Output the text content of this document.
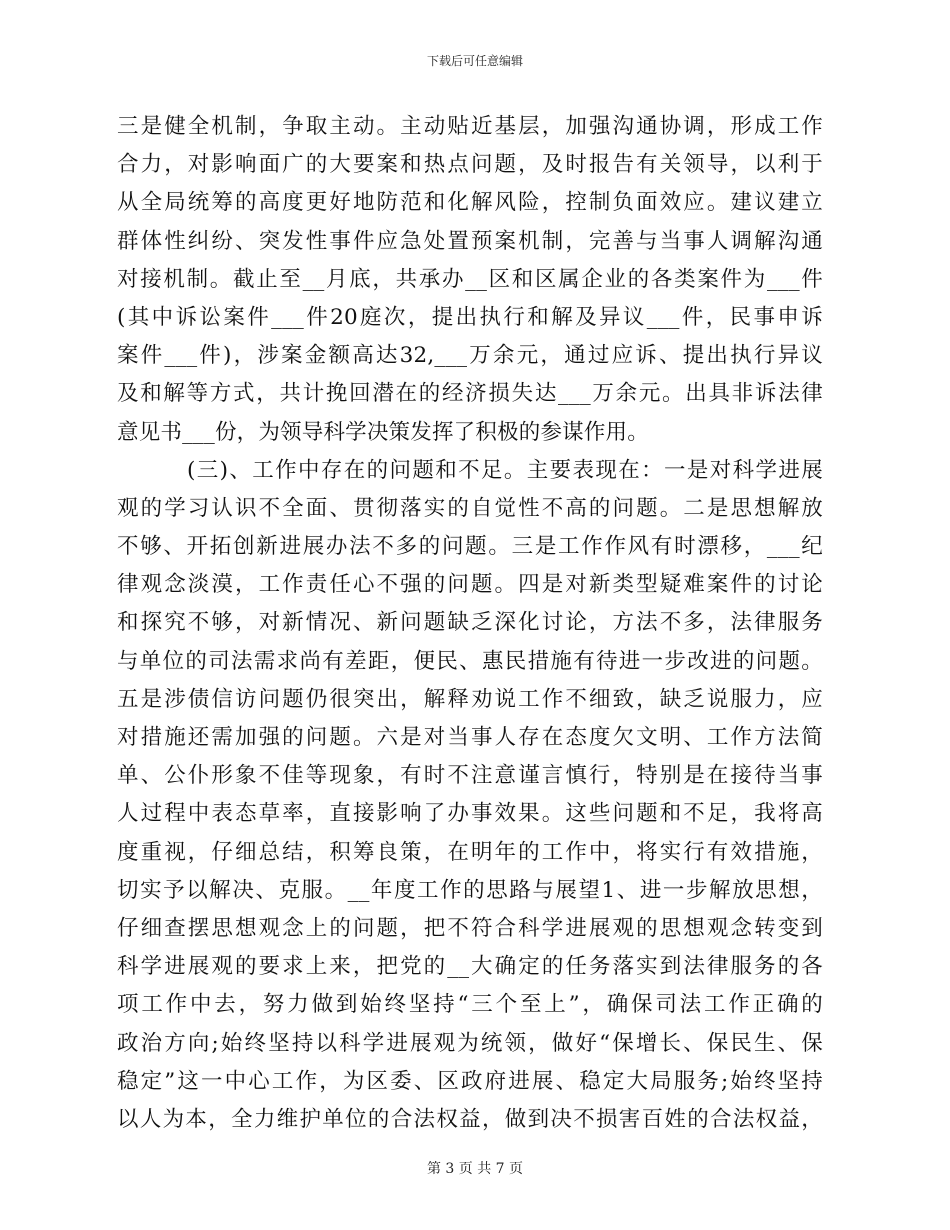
下载后可任意编辑
三是健全机制，争取主动。主动贴近基层，加强沟通协调，形成工作
合力，对影响面广的大要案和热点问题，及时报告有关领导，以利于
从全局统筹的高度更好地防范和化解风险，控制负面效应。建议建立
群体性纠纷、突发性事件应急处置预案机制，完善与当事人调解沟通
对接机制。截止至__月底，共承办__区和区属企业的各类案件为___件
(其中诉讼案件___件20庭次，提出执行和解及异议___件，民事申诉
案件___件)，涉案金额高达32,___万余元，通过应诉、提出执行异议
及和解等方式，共计挽回潜在的经济损失达___万余元。出具非诉法律
意见书___份，为领导科学决策发挥了积极的参谋作用。
(三)、工作中存在的问题和不足。主要表现在：一是对科学进展
观的学习认识不全面、贯彻落实的自觉性不高的问题。二是思想解放
不够、开拓创新进展办法不多的问题。三是工作作风有时漂移，___纪
律观念淡漠，工作责任心不强的问题。四是对新类型疑难案件的讨论
和探究不够，对新情况、新问题缺乏深化讨论，方法不多，法律服务
与单位的司法需求尚有差距，便民、惠民措施有待进一步改进的问题。
五是涉债信访问题仍很突出，解释劝说工作不细致，缺乏说服力，应
对措施还需加强的问题。六是对当事人存在态度欠文明、工作方法简
单、公仆形象不佳等现象，有时不注意谨言慎行，特别是在接待当事
人过程中表态草率，直接影响了办事效果。这些问题和不足，我将高
度重视，仔细总结，积筹良策，在明年的工作中，将实行有效措施，
切实予以解决、克服。__年度工作的思路与展望1、进一步解放思想，
仔细查摆思想观念上的问题，把不符合科学进展观的思想观念转变到
科学进展观的要求上来，把党的__大确定的任务落实到法律服务的各
项工作中去，努力做到始终坚持“三个至上”，确保司法工作正确的
政治方向;始终坚持以科学进展观为统领，做好“保增长、保民生、保
稳定”这一中心工作，为区委、区政府进展、稳定大局服务;始终坚持
以人为本，全力维护单位的合法权益，做到决不损害百姓的合法权益，
第 3 页 共 7 页
